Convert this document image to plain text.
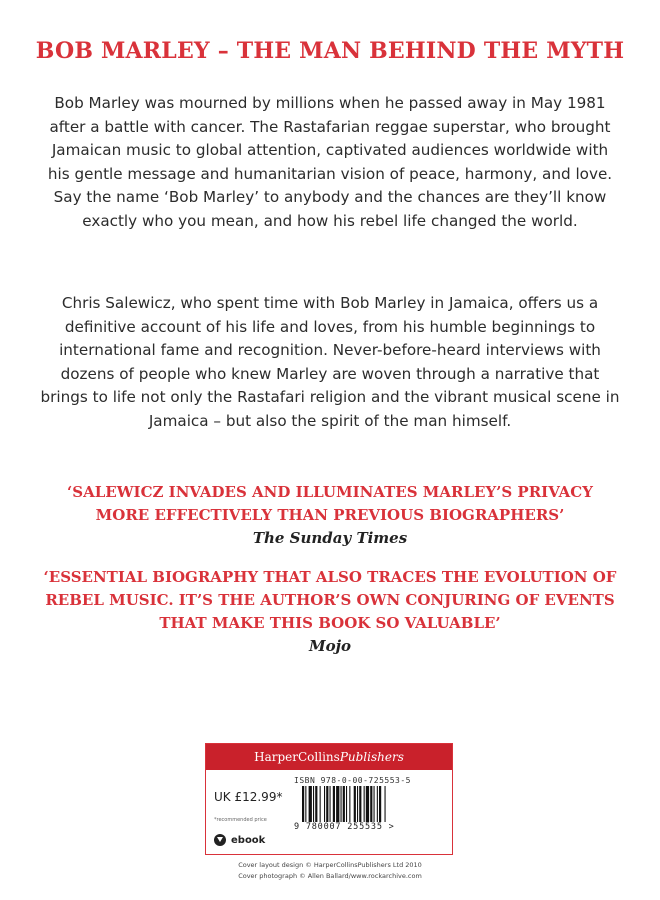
BOB MARLEY – THE MAN BEHIND THE MYTH
Bob Marley was mourned by millions when he passed away in May 1981 after a battle with cancer. The Rastafarian reggae superstar, who brought Jamaican music to global attention, captivated audiences worldwide with his gentle message and humanitarian vision of peace, harmony, and love. Say the name ‘Bob Marley’ to anybody and the chances are they’ll know exactly who you mean, and how his rebel life changed the world.
Chris Salewicz, who spent time with Bob Marley in Jamaica, offers us a definitive account of his life and loves, from his humble beginnings to international fame and recognition. Never-before-heard interviews with dozens of people who knew Marley are woven through a narrative that brings to life not only the Rastafari religion and the vibrant musical scene in Jamaica – but also the spirit of the man himself.
‘SALEWICZ INVADES AND ILLUMINATES MARLEY’S PRIVACY MORE EFFECTIVELY THAN PREVIOUS BIOGRAPHERS’
The Sunday Times
‘ESSENTIAL BIOGRAPHY THAT ALSO TRACES THE EVOLUTION OF REBEL MUSIC. IT’S THE AUTHOR’S OWN CONJURING OF EVENTS THAT MAKE THIS BOOK SO VALUABLE’
Mojo
HarperCollinsPublishers
ISBN 978-0-00-725553-5
UK £12.99*
*recommended price
9 780007 255535 >
ebook
Cover layout design © HarperCollinsPublishers Ltd 2010
Cover photograph © Allen Ballard/www.rockarchive.com
